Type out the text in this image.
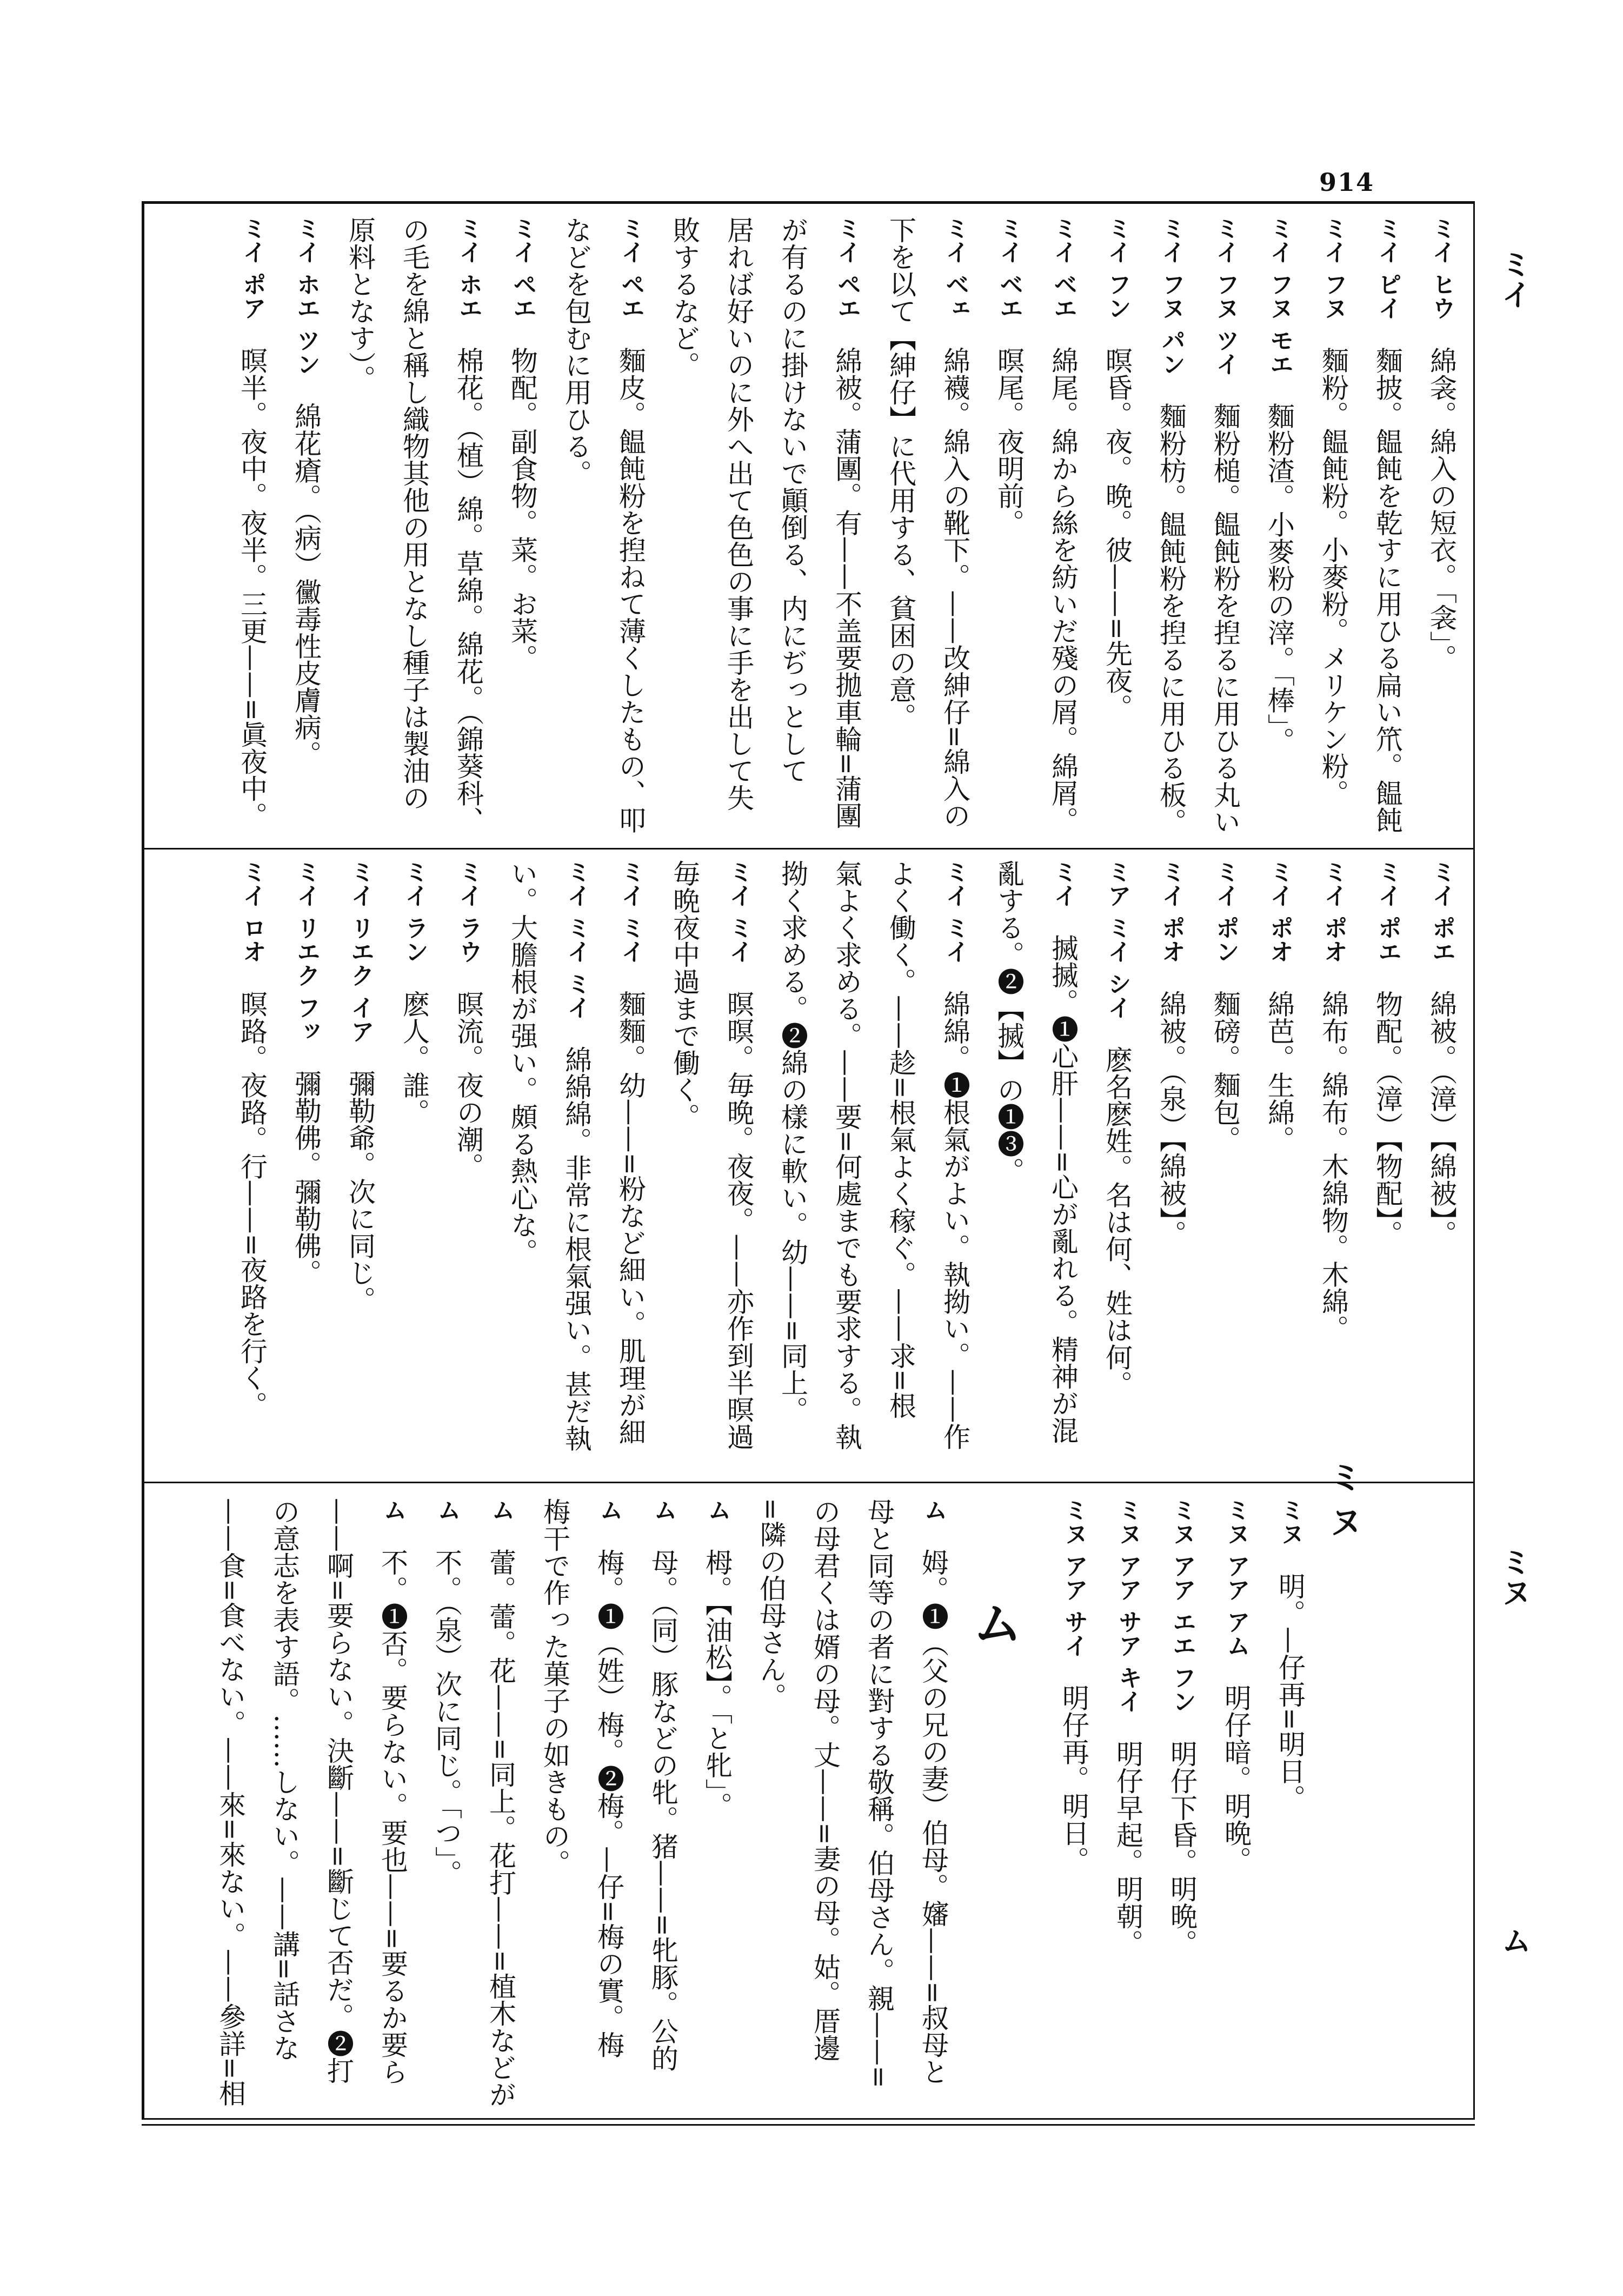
914
ミイ
ミヌ
ム
ミイ ヒウ　綿衾。綿入の短衣。「衾」。
ミイ ピイ　麵披。饂飩を乾すに用ひる扁い笊。饂飩
ミイ フヌ　麵粉。饂飩粉。小麥粉。メリケン粉。
ミイ フヌ モエ　麵粉渣。小麥粉の滓。「棒」。
ミイ フヌ ツイ　麵粉槌。饂飩粉を揑るに用ひる丸い
ミイ フヌ パン　麵粉枋。饂飩粉を揑るに用ひる板。
ミイ フン　暝昏。夜。晩。彼——=先夜。
ミイ ベエ　綿尾。綿から絲を紡いだ殘の屑。綿屑。
ミイ ベエ　暝尾。夜明前。
ミイ ベェ　綿襪。綿入の靴下。——改紳仔=綿入の
下を以て【紳仔】に代用する、貧困の意。
ミイ ペエ　綿被。蒲團。有——不盖要拋車輪=蒲團
が有るのに掛けないで顚倒る、内にぢっとして
居れば好いのに外へ出て色色の事に手を出して失
敗するなど。
ミイ ペエ　麵皮。饂飩粉を揑ねて薄くしたもの、叩
などを包むに用ひる。
ミイ ペエ　物配。副食物。菜。お菜。
ミイ ホエ　棉花。（植）綿。草綿。綿花。（錦葵科、
の毛を綿と稱し織物其他の用となし種子は製油の
原料となす）。
ミイ ホエ ツン　綿花瘡。（病）黴毒性皮膚病。
ミイ ポア　暝半。夜中。夜半。三更——=眞夜中。
ミイ ポエ　綿被。（漳）【綿被】。
ミイ ポエ　物配。（漳）【物配】。
ミイ ポオ　綿布。綿布。木綿物。木綿。
ミイ ポオ　綿芭。生綿。
ミイ ポン　麵磅。麵包。
ミイ ポオ　綿被。（泉）【綿被】。
ミア ミイ シイ　麽名麽姓。名は何、姓は何。
ミイ　搣搣。❶心肝——=心が亂れる。精神が混
亂する。❷【搣】の❶❸。
ミイ ミイ　綿綿。❶根氣がよい。執拗い。——作
よく働く。——趁=根氣よく稼ぐ。——求=根
氣よく求める。——要=何處までも要求する。執
拗く求める。❷綿の樣に軟い。幼——=同上。
ミイ ミイ　暝暝。毎晩。夜夜。——亦作到半暝過
毎晩夜中過まで働く。
ミイ ミイ　麵麵。幼——=粉など細い。肌理が細
ミイ ミイ ミイ　綿綿綿。非常に根氣强い。甚だ執
い。大膽根が强い。頗る熱心な。
ミイ ラウ　暝流。夜の潮。
ミイ ラン　麽人。誰。
ミイ リエク イア　彌勒爺。次に同じ。
ミイ リエク フッ　彌勒佛。彌勒佛。
ミイ ロオ　暝路。夜路。行——=夜路を行く。
ミヌ
ミヌ　明。—仔再=明日。
ミヌ アア アム　明仔暗。明晩。
ミヌ アア エエ フン　明仔下昏。明晩。
ミヌ アア サア キイ　明仔早起。明朝。
ミヌ アア サイ　明仔再。明日。
ム
ム　姆。❶（父の兄の妻）伯母。嬸——=叔母と
母と同等の者に對する敬稱。伯母さん。親——=
の母君くは婿の母。丈——=妻の母。姑。厝邊
=隣の伯母さん。
ム　栂。【油松】。「と牝」。
ム　母。（同）豚などの牝。猪——=牝豚。公的
ム　梅。❶（姓）梅。❷梅。—仔=梅の實。梅
梅干で作った菓子の如きもの。
ム　蕾。蕾。花——=同上。花打——=植木などが
ム　不。（泉）次に同じ。「つ」。
ム　不。❶否。要らない。要也——=要るか要ら
——啊=要らない。決斷——=斷じて否だ。❷打
の意志を表す語。……しない。——講=話さな
——食=食べない。——來=來ない。——參詳=相
